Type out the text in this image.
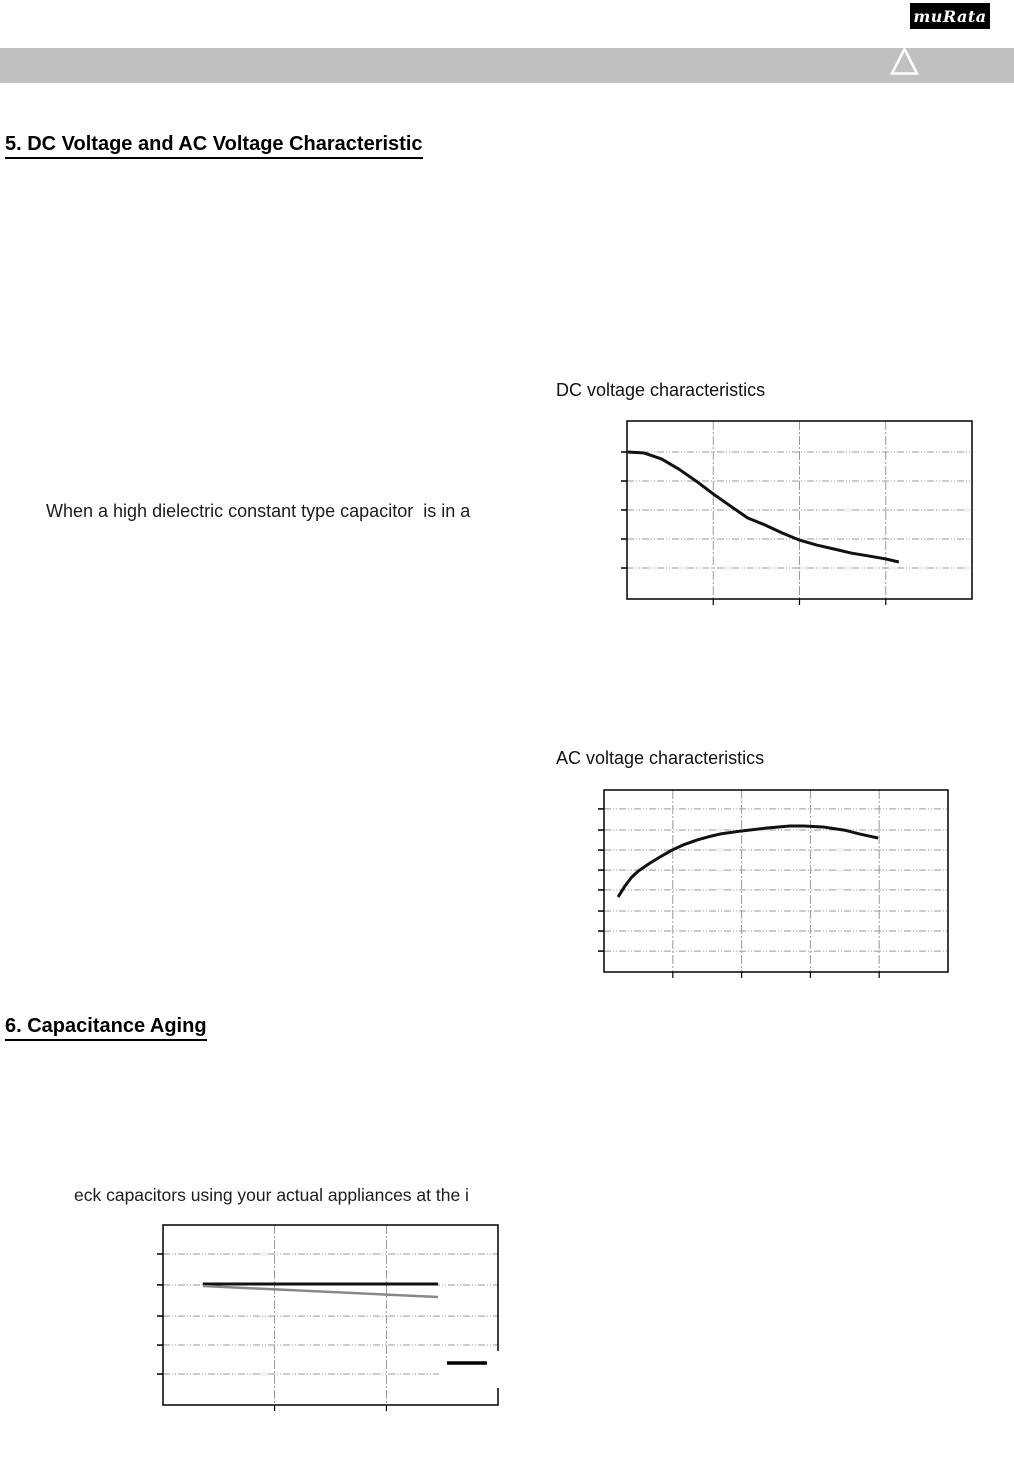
muRata
5. DC Voltage and AC Voltage Characteristic
When a high dielectric constant type capacitor  is in a
DC voltage characteristics
AC voltage characteristics
6. Capacitance Aging
eck capacitors using your actual appliances at the i
